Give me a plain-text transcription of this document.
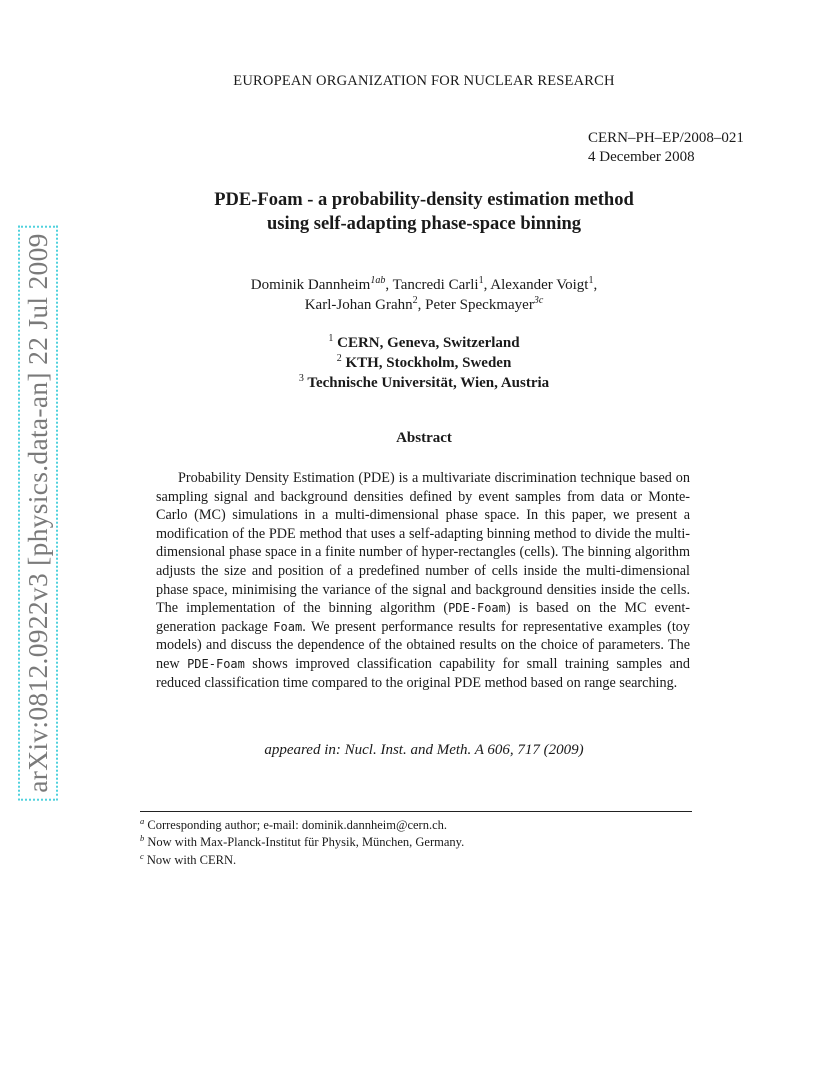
arXiv:0812.0922v3 [physics.data-an] 22 Jul 2009
EUROPEAN ORGANIZATION FOR NUCLEAR RESEARCH
CERN–PH–EP/2008–021
4 December 2008
PDE-Foam - a probability-density estimation method
using self-adapting phase-space binning
Dominik Dannheim$^{1ab}$, Tancredi Carli$^1$, Alexander Voigt$^1$,
Karl-Johan Grahn$^2$, Peter Speckmayer$^{3c}$
$^1$ CERN, Geneva, Switzerland
$^2$ KTH, Stockholm, Sweden
$^3$ Technische Universität, Wien, Austria
Abstract
Probability Density Estimation (PDE) is a multivariate discrimination technique based on sampling signal and background densities defined by event samples from data or Monte-Carlo (MC) simulations in a multi-dimensional phase space. In this paper, we present a modification of the PDE method that uses a self-adapting binning method to divide the multi-dimensional phase space in a finite number of hyper-rectangles (cells). The binning algorithm adjusts the size and position of a predefined number of cells inside the multi-dimensional phase space, minimising the variance of the signal and background densities inside the cells. The implementation of the binning algorithm (PDE-Foam) is based on the MC event-generation package Foam. We present performance results for representative examples (toy models) and discuss the dependence of the obtained results on the choice of parameters. The new PDE-Foam shows improved classification capability for small training samples and reduced classification time compared to the original PDE method based on range searching.
appeared in: Nucl. Inst. and Meth. A 606, 717 (2009)
$^a$ Corresponding author; e-mail: dominik.dannheim@cern.ch.
$^b$ Now with Max-Planck-Institut für Physik, München, Germany.
$^c$ Now with CERN.
